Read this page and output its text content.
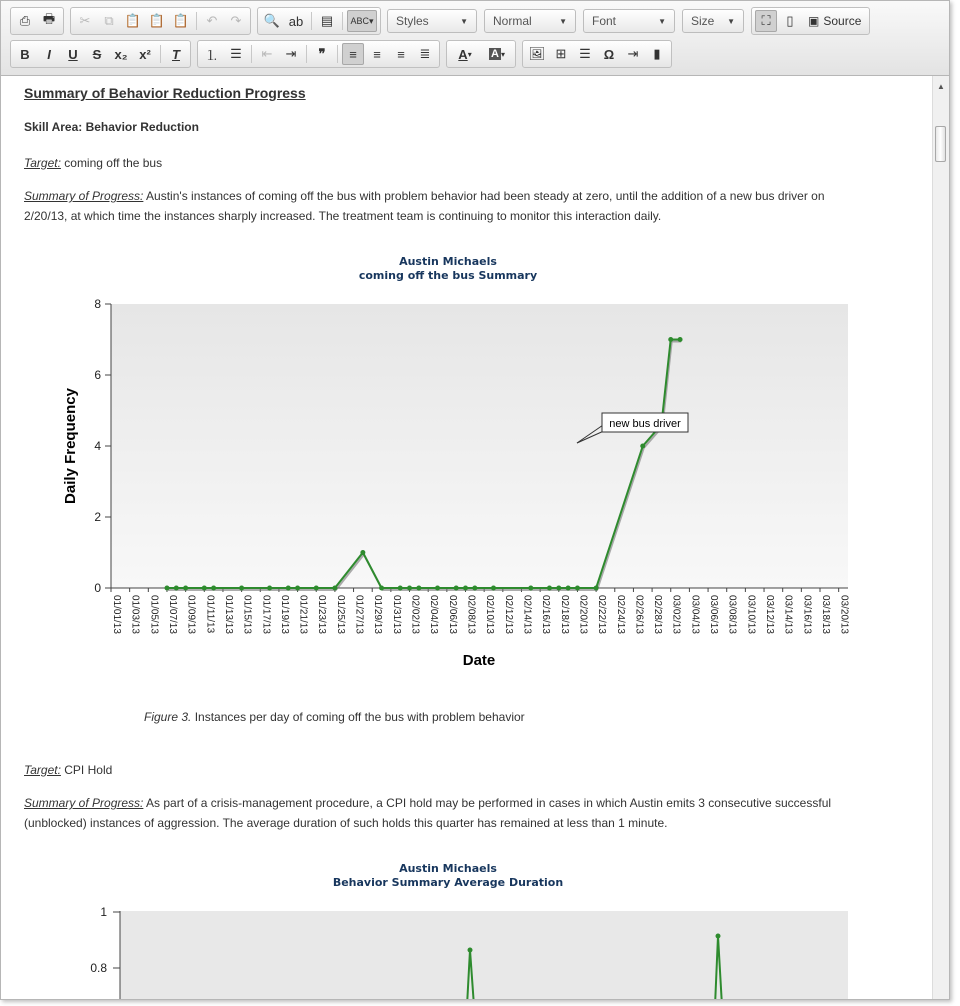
⎙ 🖶	✂	⧉ 📋 📋 📋	↶	↷	🔍 ab	▤	ABC▾ Styles	▼ Normal	▼ Font	▼ Size ▼	⛶	▯	▣ Source
B I U S x₂ x² T	⒈ ☰	⇤	⇥	❞	≡	≡	≡	≣	A ▾ A ▾ 🖼 ⊞ ☰ Ω	⇥	▮

Summary of Behavior Reduction Progress

Skill Area: Behavior Reduction

Target: coming off the bus

Summary of Progress: Austin's instances of coming off the bus with problem behavior had been steady at zero, until the addition of a new bus driver on

2/20/13, at which time the instances sharply increased. The treatment team is continuing to monitor this interaction daily.

Austin Michaels
coming off the bus Summary
0
2
4
6
8
01/01/13 01/03/13 01/05/13 01/07/13 01/09/13 01/11/13 01/13/13 01/15/13 01/17/13 01/19/13 01/21/13 01/23/13 01/25/13 01/27/13 01/29/13 01/31/13 02/02/13 02/04/13 02/06/13 02/08/13 02/10/13 02/12/13 02/14/13 02/16/13 02/18/13 02/20/13 02/22/13 02/24/13 02/26/13 02/28/13 03/02/13 03/04/13 03/06/13 03/08/13 03/10/13 03/12/13 03/14/13 03/16/13 03/18/13 03/20/13
Daily Frequency
Date
new bus driver

Figure 3. Instances per day of coming off the bus with problem behavior

Target: CPI Hold

Summary of Progress: As part of a crisis-management procedure, a CPI hold may be performed in cases in which Austin emits 3 consecutive successful

(unblocked) instances of aggression. The average duration of such holds this quarter has remained at less than 1 minute.

Austin Michaels
Behavior Summary Average Duration
1
0.8
▲
